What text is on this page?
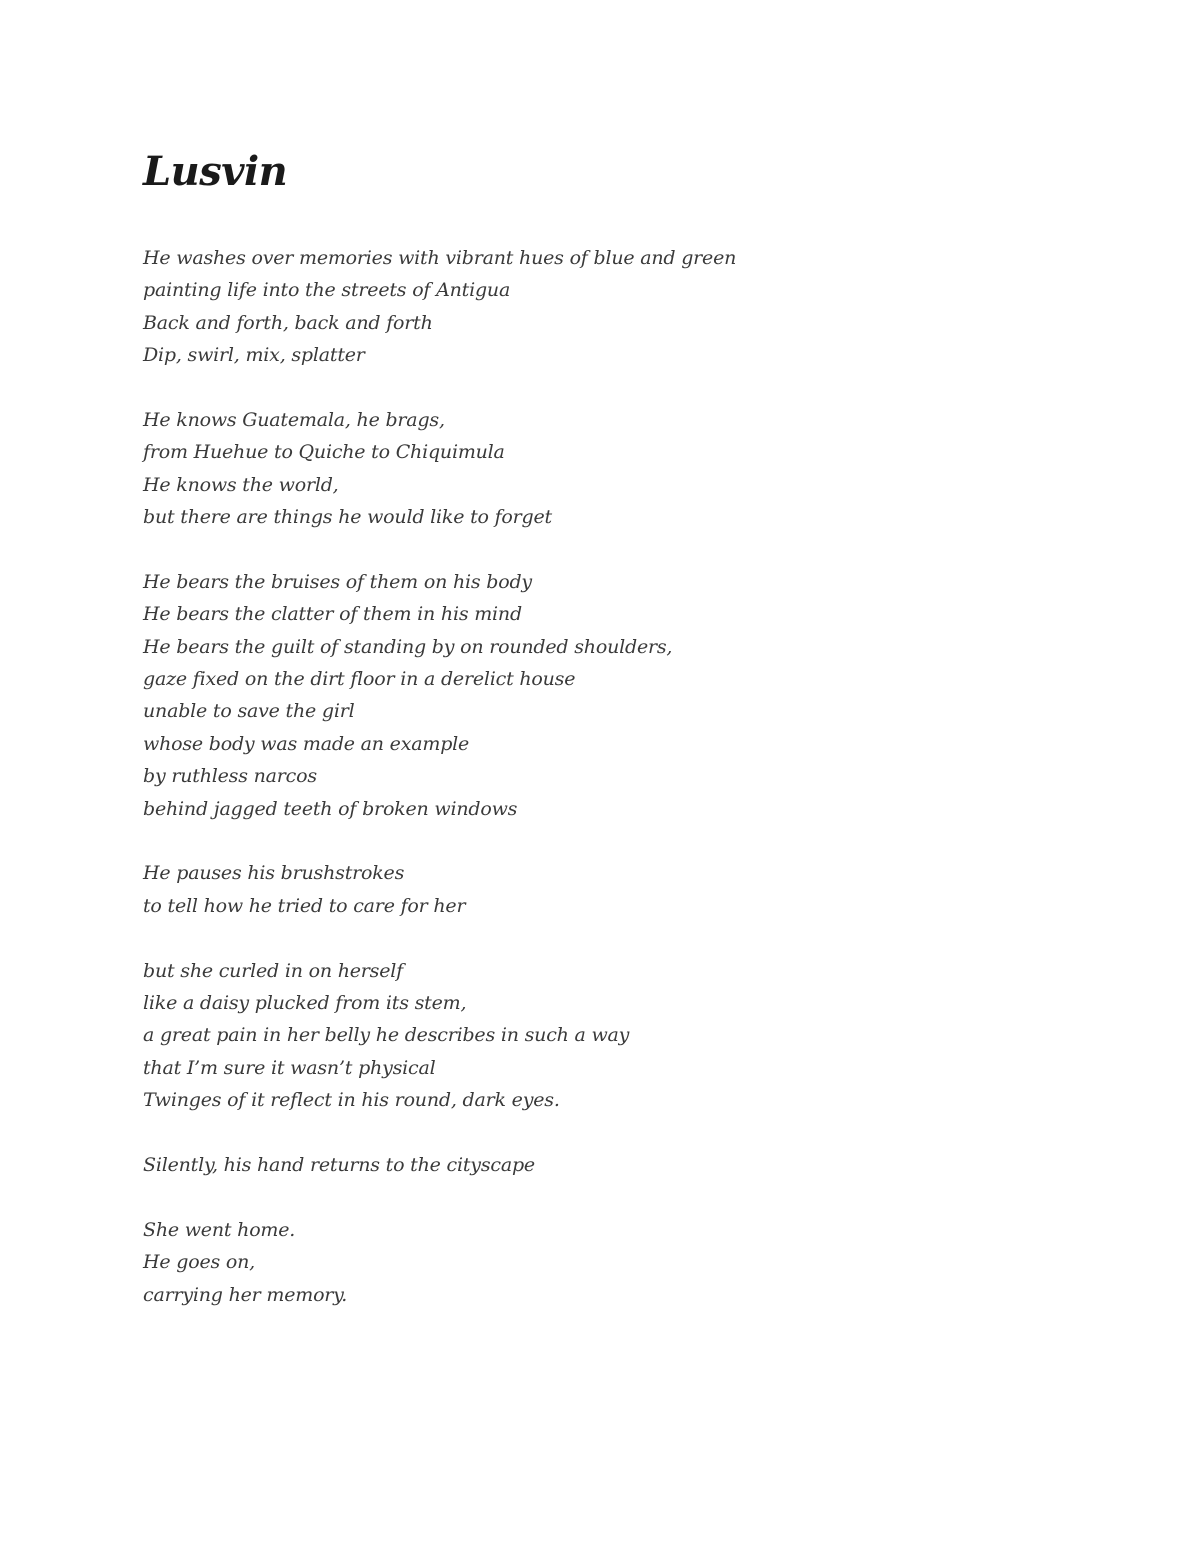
Lusvin
He washes over memories with vibrant hues of blue and green
painting life into the streets of Antigua
Back and forth, back and forth
Dip, swirl, mix, splatter
He knows Guatemala, he brags,
from Huehue to Quiche to Chiquimula
He knows the world,
but there are things he would like to forget
He bears the bruises of them on his body
He bears the clatter of them in his mind
He bears the guilt of standing by on rounded shoulders,
gaze fixed on the dirt floor in a derelict house
unable to save the girl
whose body was made an example
by ruthless narcos
behind jagged teeth of broken windows
He pauses his brushstrokes
to tell how he tried to care for her
but she curled in on herself
like a daisy plucked from its stem,
a great pain in her belly he describes in such a way
that I’m sure it wasn’t physical
Twinges of it reflect in his round, dark eyes.
Silently, his hand returns to the cityscape
She went home.
He goes on,
carrying her memory.
